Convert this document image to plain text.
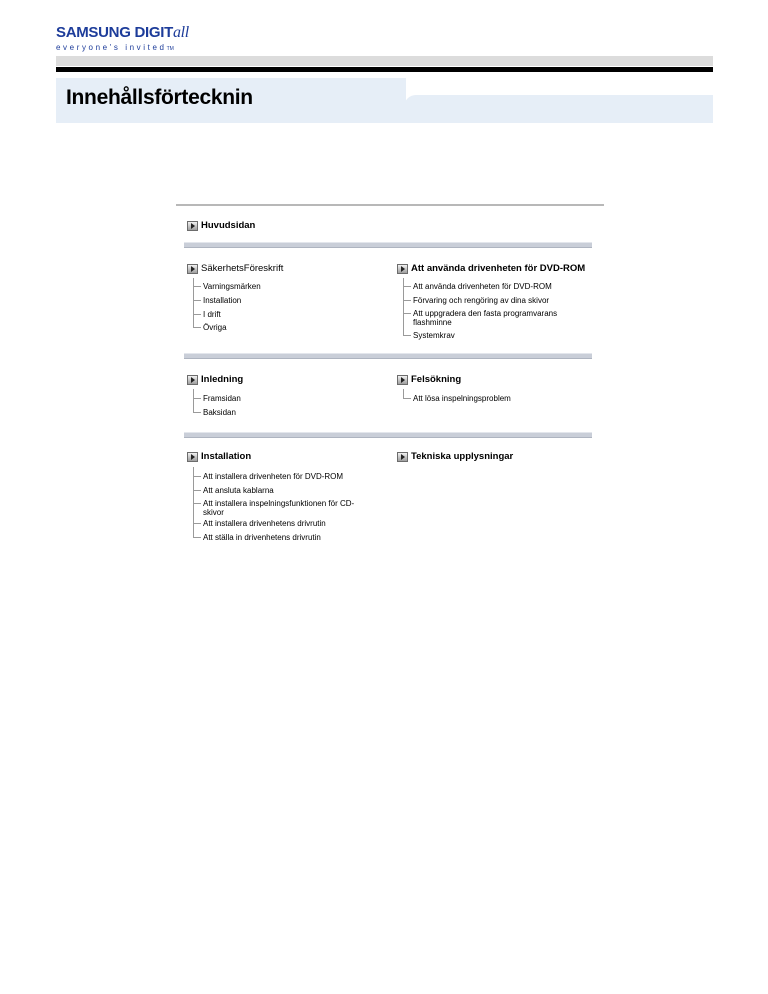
SAMSUNG DIGITall
everyone's invitedTM
Innehållsförtecknin
Huvudsidan
SäkerhetsFöreskrift
Varningsmärken
Installation
I drift
Övriga
Att använda drivenheten för DVD-ROM
Att använda drivenheten för DVD-ROM
Förvaring och rengöring av dina skivor
Att uppgradera den fasta programvarans flashminne
Systemkrav
Inledning
Framsidan
Baksidan
Felsökning
Att lösa inspelningsproblem
Installation
Att installera drivenheten för DVD-ROM
Att ansluta kablarna
Att installera inspelningsfunktionen för CD-skivor
Att installera drivenhetens drivrutin
Att ställa in drivenhetens drivrutin
Tekniska upplysningar
